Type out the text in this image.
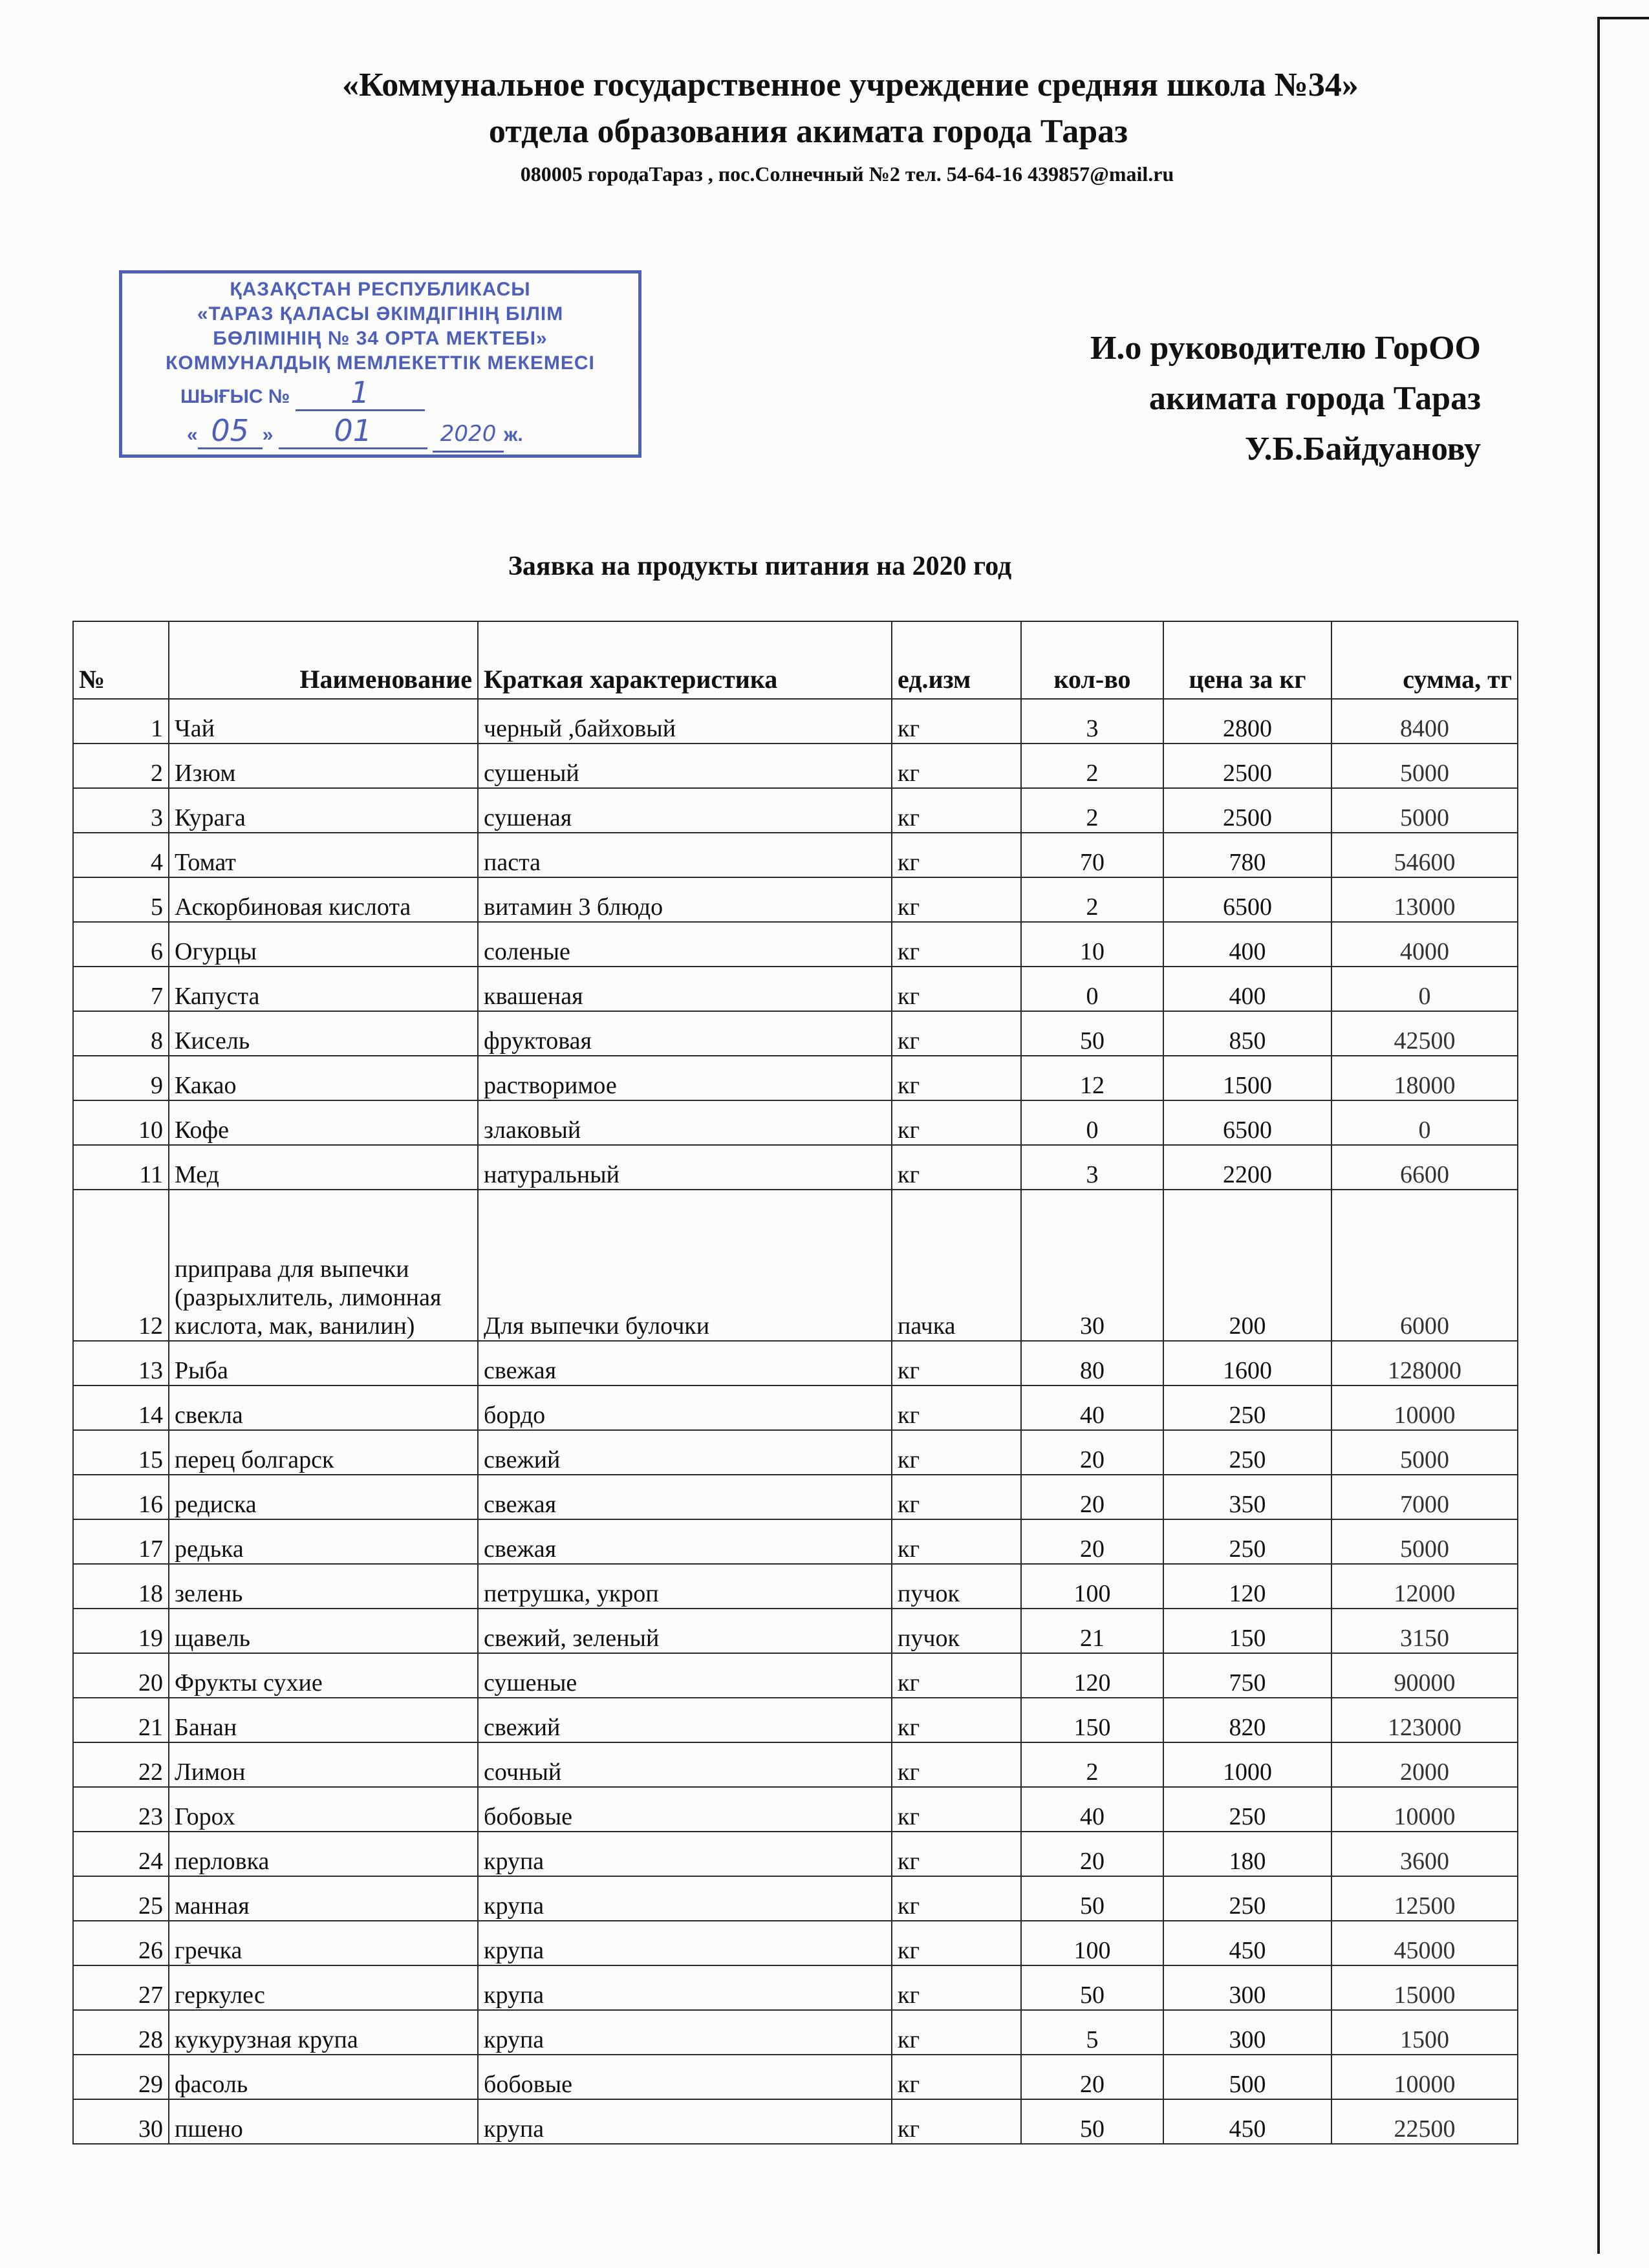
«Коммунальное государственное учреждение средняя школа №34»
отдела образования акимата города Тараз
080005 городаТараз , пос.Солнечный №2 тел. 54-64-16 439857@mail.ru
ҚАЗАҚСТАН РЕСПУБЛИКАСЫ
«ТАРАЗ ҚАЛАСЫ ӘКІМДІГІНІҢ БІЛІМ
БӨЛІМІНІҢ № 34 ОРТА МЕКТЕБІ»
КОММУНАЛДЫҚ МЕМЛЕКЕТТІК МЕКЕМЕСІ
ШЫҒЫС № 1
« 05 » 01	2020 ж.
И.о руководителю ГорОО
акимата города Тараз
У.Б.Байдуанову
Заявка на продукты питания на 2020 год
№	Наименование	Краткая характеристика	ед.изм	кол-во	цена за кг	сумма, тг
1	Чай	черный ,байховый	кг	3	2800	8400
2	Изюм	сушеный	кг	2	2500	5000
3	Курага	сушеная	кг	2	2500	5000
4	Томат	паста	кг	70	780	54600
5	Аскорбиновая кислота	витамин 3 блюдо	кг	2	6500	13000
6	Огурцы	соленые	кг	10	400	4000
7	Капуста	квашеная	кг	0	400	0
8	Кисель	фруктовая	кг	50	850	42500
9	Какао	растворимое	кг	12	1500	18000
10	Кофе	злаковый	кг	0	6500	0
11	Мед	натуральный	кг	3	2200	6600
12	приправа для выпечки (разрыхлитель, лимонная кислота, мак, ванилин)	Для выпечки булочки	пачка	30	200	6000
13	Рыба	свежая	кг	80	1600	128000
14	свекла	бордо	кг	40	250	10000
15	перец болгарск	свежий	кг	20	250	5000
16	редиска	свежая	кг	20	350	7000
17	редька	свежая	кг	20	250	5000
18	зелень	петрушка, укроп	пучок	100	120	12000
19	щавель	свежий, зеленый	пучок	21	150	3150
20	Фрукты сухие	сушеные	кг	120	750	90000
21	Банан	свежий	кг	150	820	123000
22	Лимон	сочный	кг	2	1000	2000
23	Горох	бобовые	кг	40	250	10000
24	перловка	крупа	кг	20	180	3600
25	манная	крупа	кг	50	250	12500
26	гречка	крупа	кг	100	450	45000
27	геркулес	крупа	кг	50	300	15000
28	кукурузная крупа	крупа	кг	5	300	1500
29	фасоль	бобовые	кг	20	500	10000
30	пшено	крупа	кг	50	450	22500
